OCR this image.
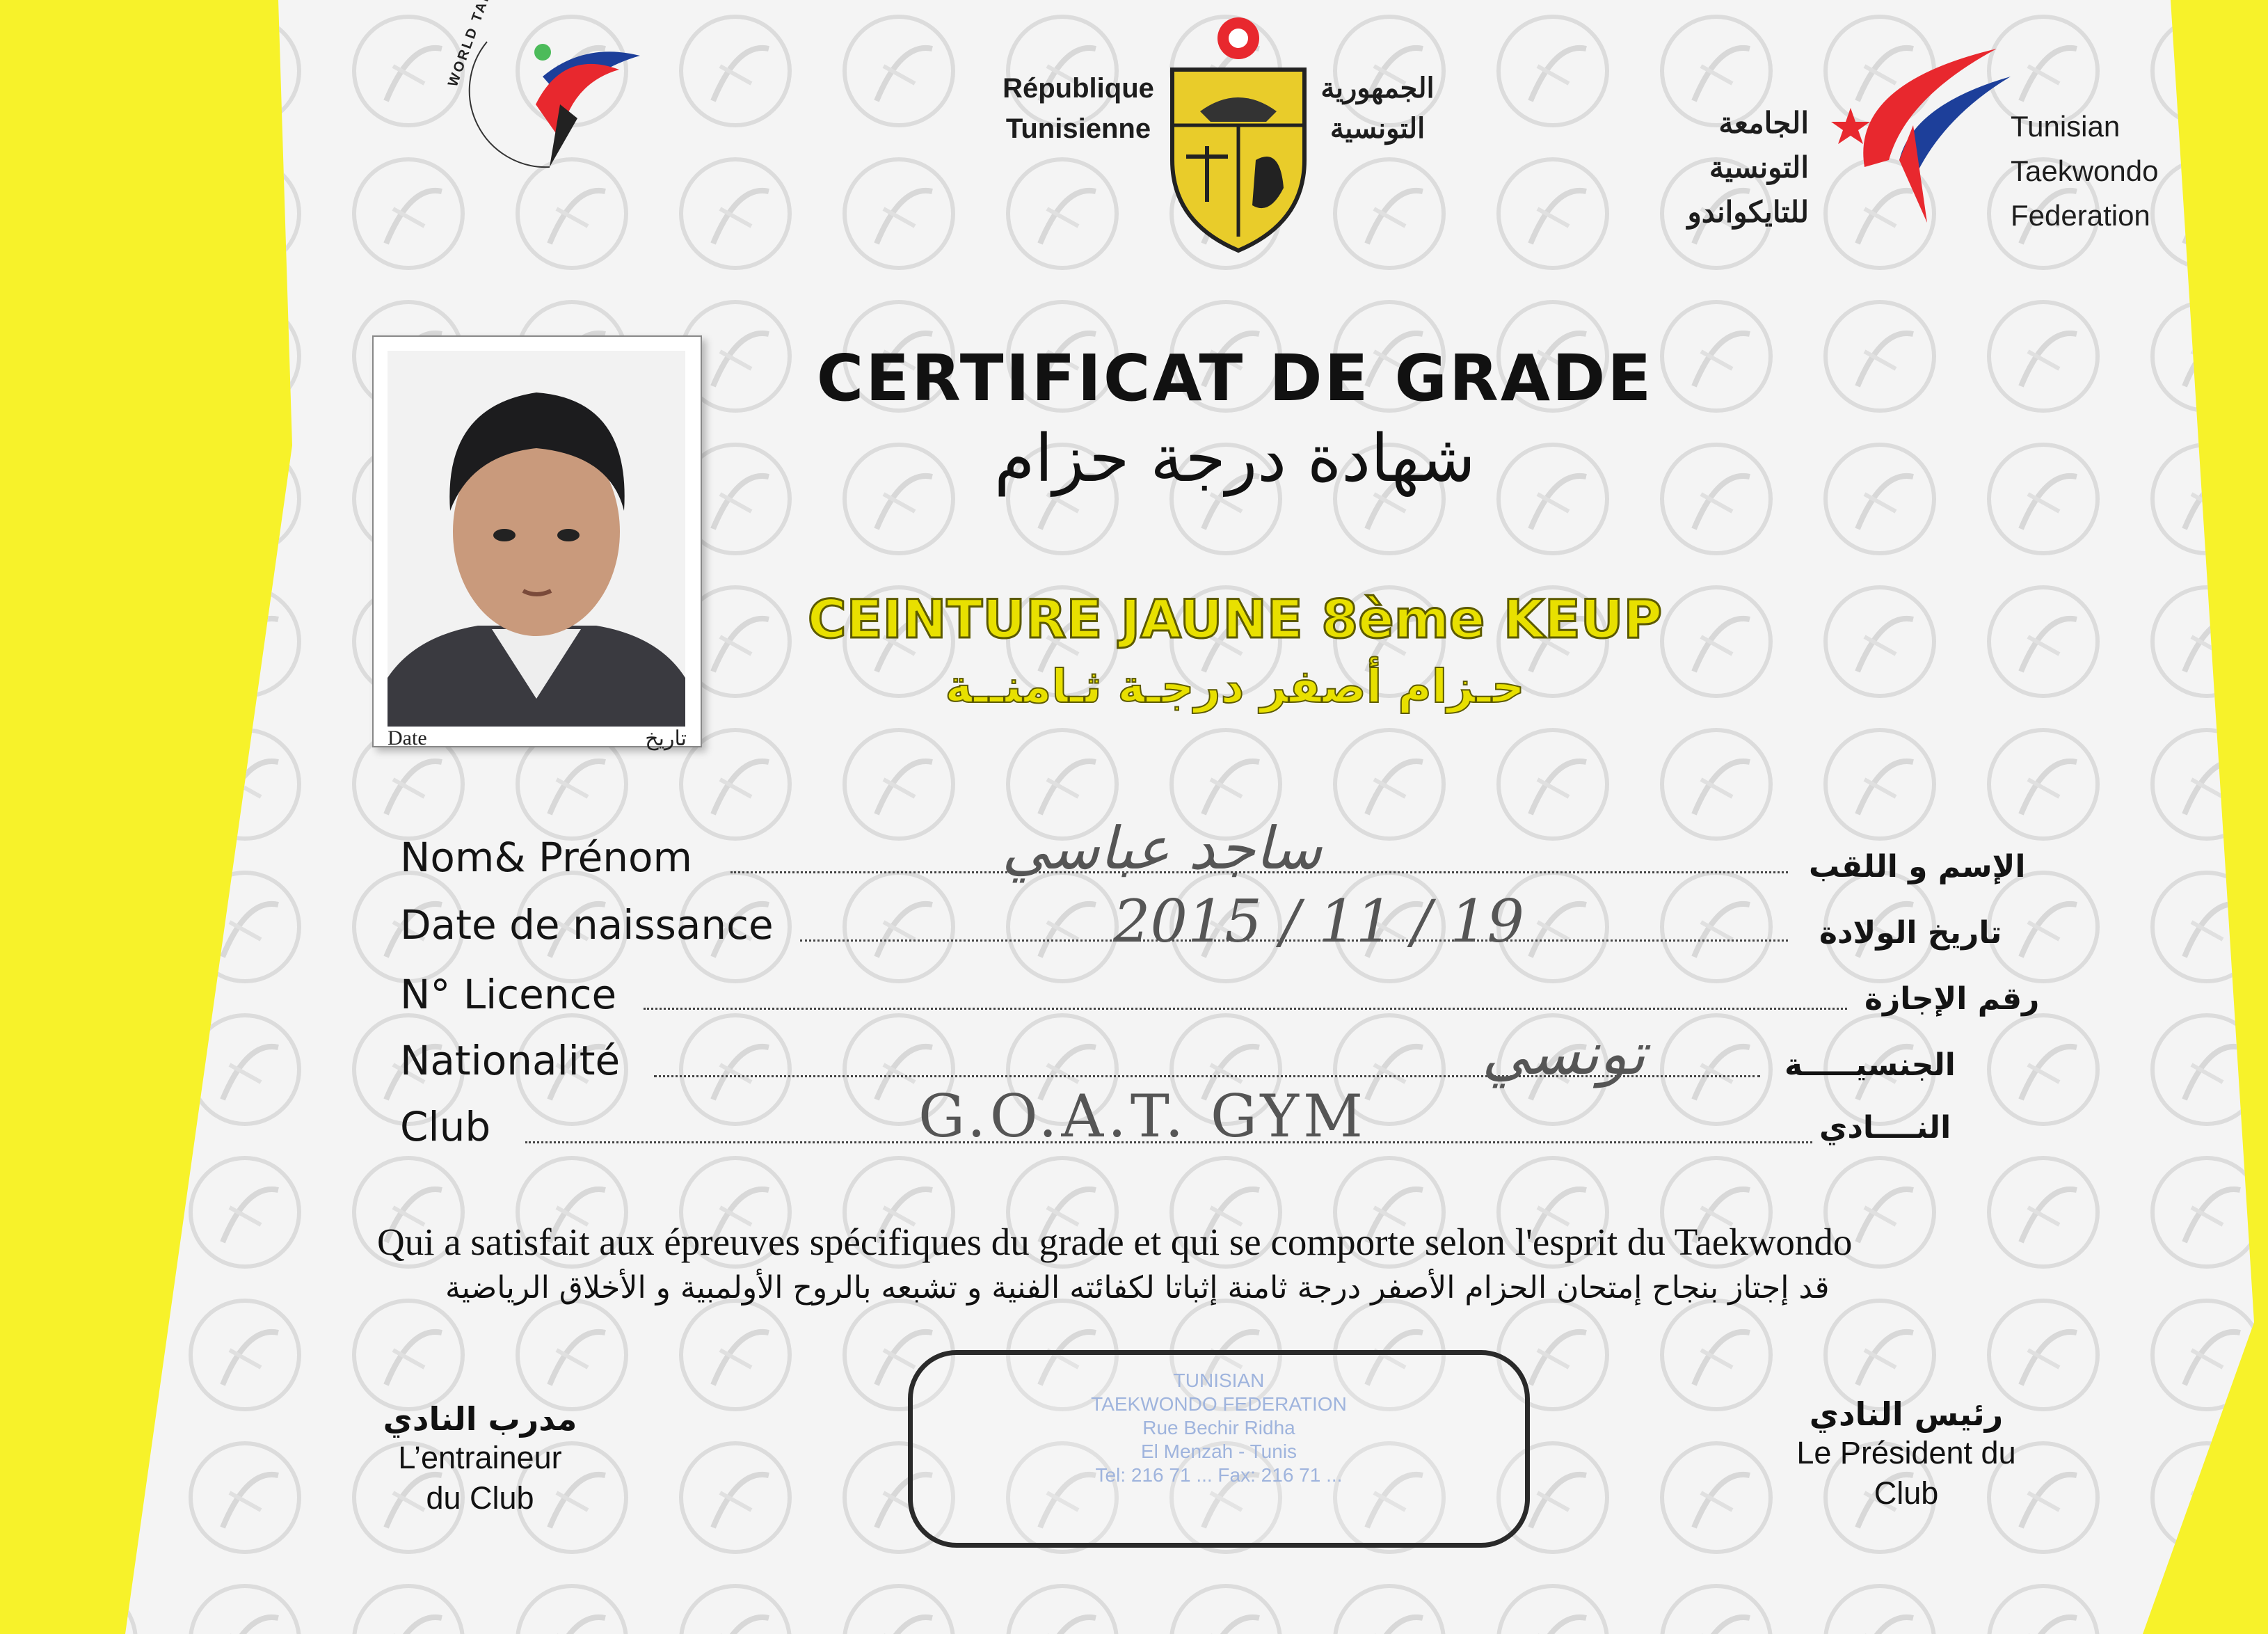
République
Tunisienne
الجمهورية
التونسية	الجامعة
التونسية
للتايكواندو
Tunisian
Taekwondo
Federation
Date	تاريخ
CERTIFICAT DE GRADE
شهادة درجة حزام
CEINTURE JAUNE 8ème KEUP
حـزام أصفر درجـة ثـامنــة
Nom& Prénom	ساجد عباسي	الإسم و اللقب
Date de naissance	2015 / 11 / 19	تاريخ الولادة
N° Licence	رقم الإجازة
Nationalité	تونسي	الجنسيـــــة
Club	G.O.A.T. GYM	النــــادي
Qui a satisfait aux épreuves spécifiques du grade et qui se comporte selon l'esprit du Taekwondo
قد إجتاز بنجاح إمتحان الحزام الأصفر درجة ثامنة إثباتا لكفائته الفنية و تشبعه بالروح الأولمبية و الأخلاق الرياضية
مدرب النادي
L’entraineur
du Club
TUNISIAN
TAEKWONDO FEDERATION
Rue Bechir Ridha
El Menzah - Tunis
Tel: 216 71 ... Fax: 216 71 ...
رئيس النادي
Le Président du
Club
